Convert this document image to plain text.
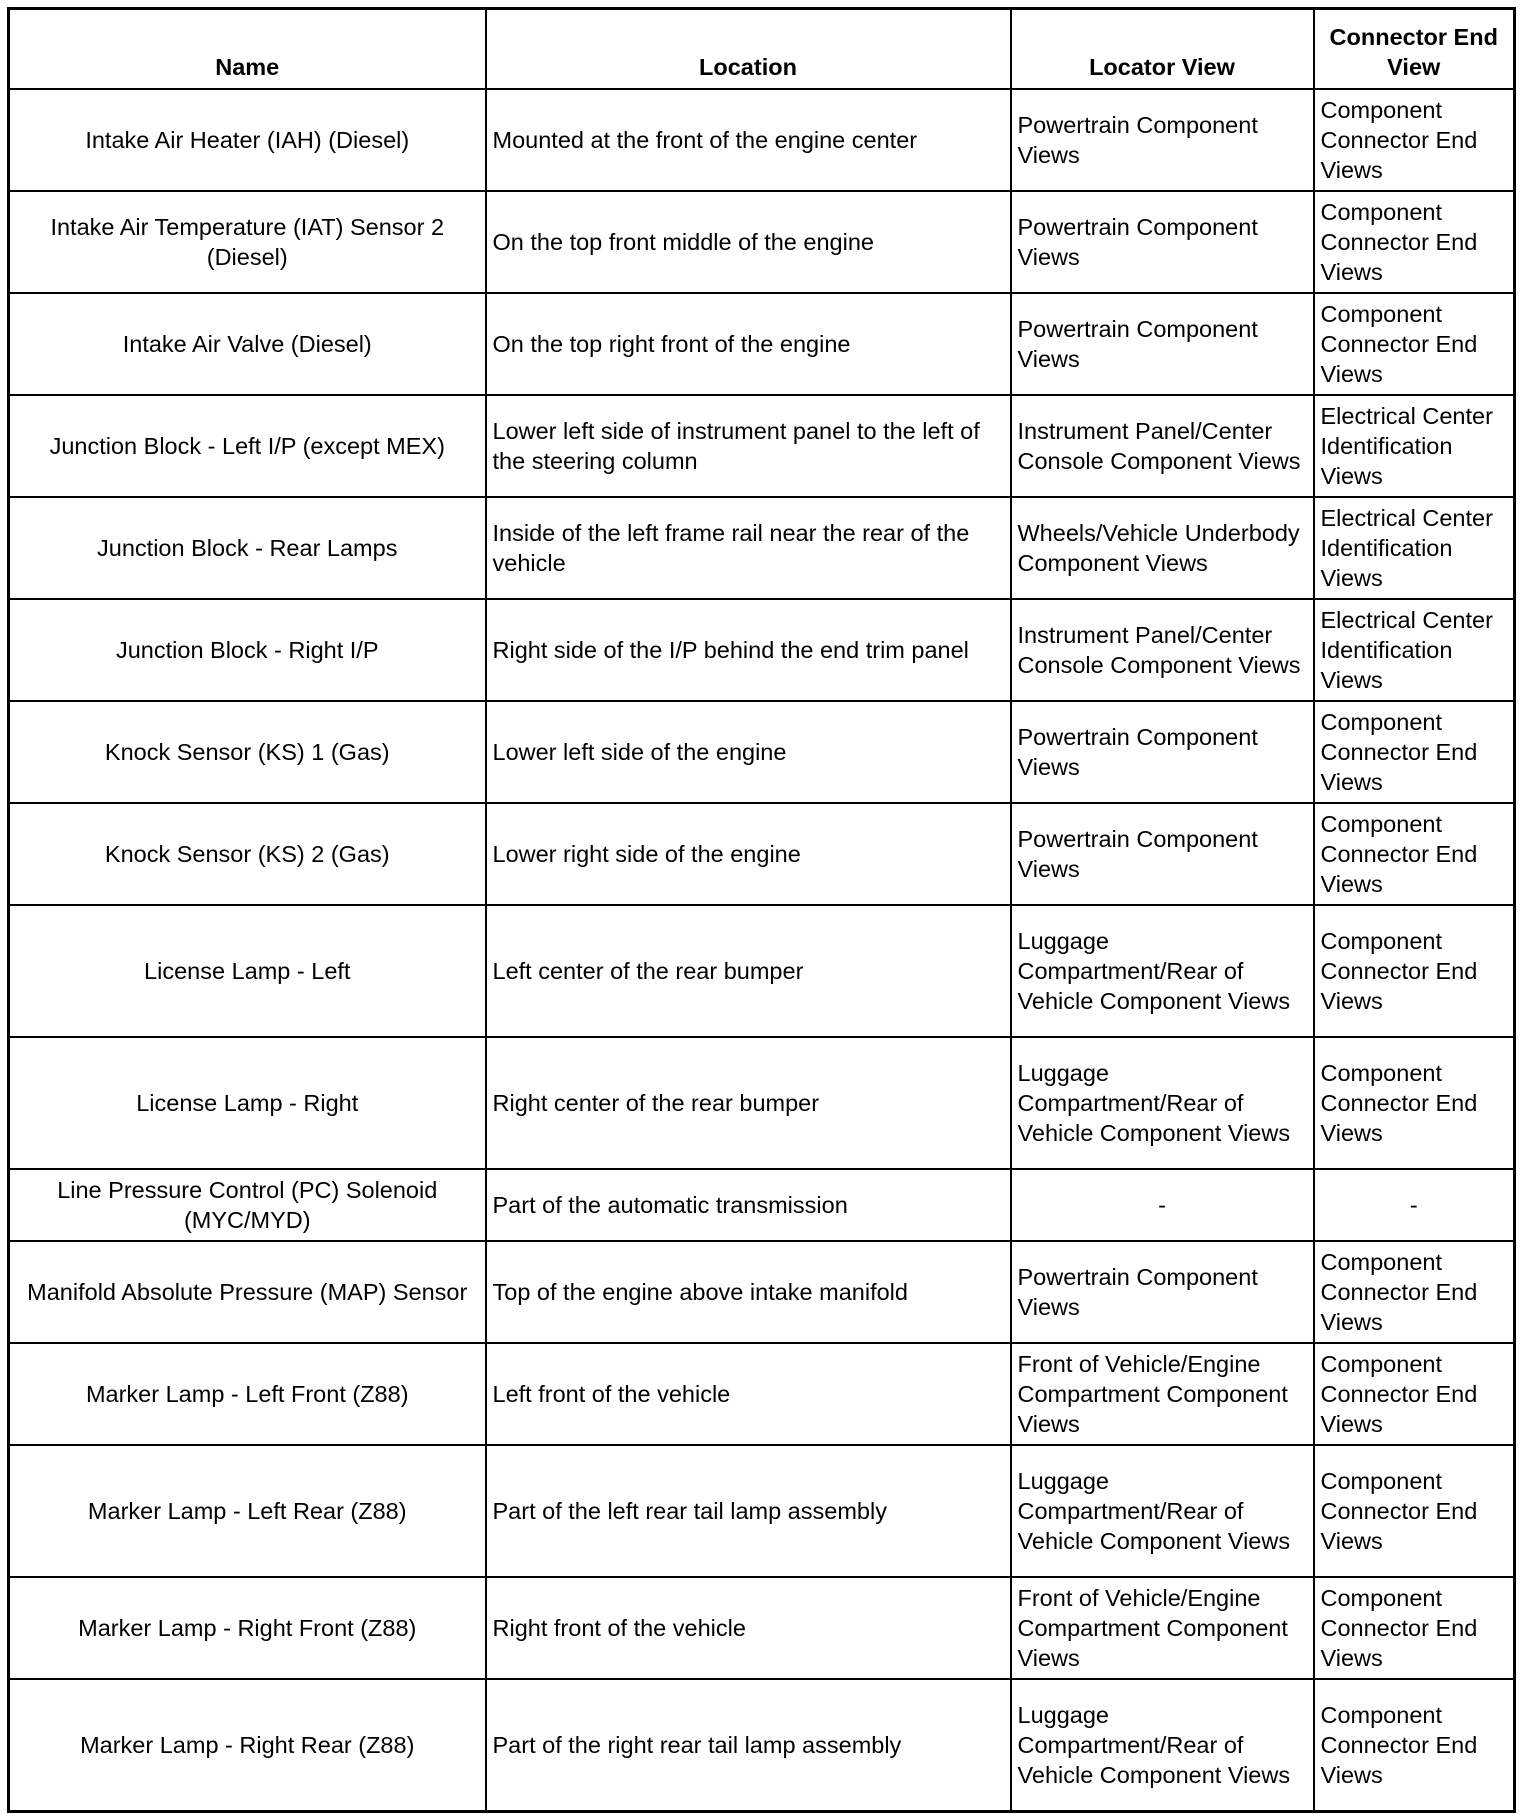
Name	Location	Locator View	Connector End View
Intake Air Heater (IAH) (Diesel)	Mounted at the front of the engine center	Powertrain Component Views	Component Connector End Views
Intake Air Temperature (IAT) Sensor 2 (Diesel)	On the top front middle of the engine	Powertrain Component Views	Component Connector End Views
Intake Air Valve (Diesel)	On the top right front of the engine	Powertrain Component Views	Component Connector End Views
Junction Block - Left I/P (except MEX)	Lower left side of instrument panel to the left of the steering column	Instrument Panel/Center Console Component Views	Electrical Center Identification Views
Junction Block - Rear Lamps	Inside of the left frame rail near the rear of the vehicle	Wheels/Vehicle Underbody Component Views	Electrical Center Identification Views
Junction Block - Right I/P	Right side of the I/P behind the end trim panel	Instrument Panel/Center Console Component Views	Electrical Center Identification Views
Knock Sensor (KS) 1 (Gas)	Lower left side of the engine	Powertrain Component Views	Component Connector End Views
Knock Sensor (KS) 2 (Gas)	Lower right side of the engine	Powertrain Component Views	Component Connector End Views
License Lamp - Left	Left center of the rear bumper	Luggage Compartment/Rear of Vehicle Component Views	Component Connector End Views
License Lamp - Right	Right center of the rear bumper	Luggage Compartment/Rear of Vehicle Component Views	Component Connector End Views
Line Pressure Control (PC) Solenoid (MYC/MYD)	Part of the automatic transmission	-	-
Manifold Absolute Pressure (MAP) Sensor	Top of the engine above intake manifold	Powertrain Component Views	Component Connector End Views
Marker Lamp - Left Front (Z88)	Left front of the vehicle	Front of Vehicle/Engine Compartment Component Views	Component Connector End Views
Marker Lamp - Left Rear (Z88)	Part of the left rear tail lamp assembly	Luggage Compartment/Rear of Vehicle Component Views	Component Connector End Views
Marker Lamp - Right Front (Z88)	Right front of the vehicle	Front of Vehicle/Engine Compartment Component Views	Component Connector End Views
Marker Lamp - Right Rear (Z88)	Part of the right rear tail lamp assembly	Luggage Compartment/Rear of Vehicle Component Views	Component Connector End Views
